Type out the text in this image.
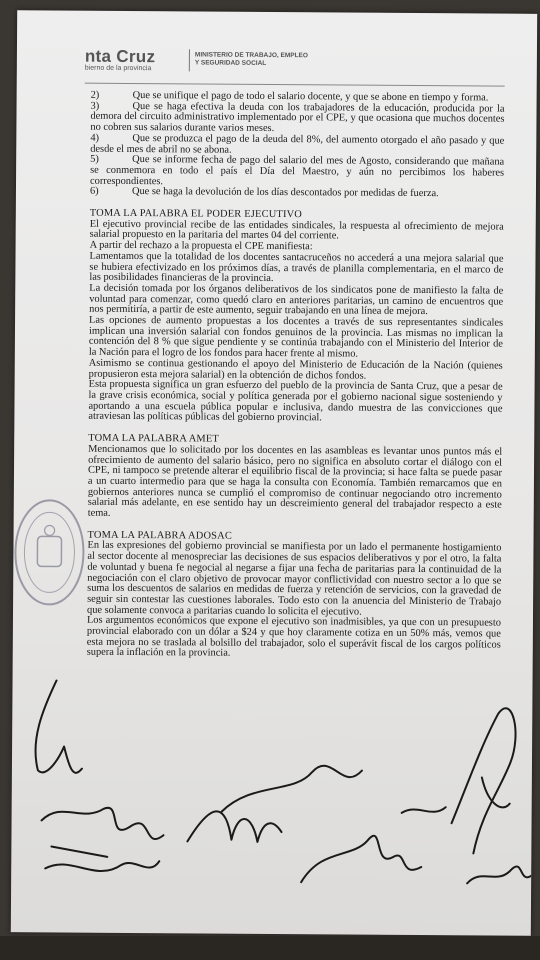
nta Cruz
bierno de la provincia
MINISTERIO DE TRABAJO, EMPLEO
Y SEGURIDAD SOCIAL

2)	Que se unifique el pago de todo el salario docente, y que se abone en tiempo y forma.

3)	Que se haga efectiva la deuda con los trabajadores de la educación, producida por la demora del circuito administrativo implementado por el CPE, y que ocasiona que muchos docentes no cobren sus salarios durante varios meses.

4)	Que se produzca el pago de la deuda del 8%, del aumento otorgado el año pasado y que desde el mes de abril no se abona.

5)	Que se informe fecha de pago del salario del mes de Agosto, considerando que mañana se conmemora en todo el país el Día del Maestro, y aún no percibimos los haberes correspondientes.

6)	Que se haga la devolución de los días descontados por medidas de fuerza.

TOMA LA PALABRA EL PODER EJECUTIVO

El ejecutivo provincial recibe de las entidades sindicales, la respuesta al ofrecimiento de mejora salarial propuesto en la paritaria del martes 04 del corriente.

A partir del rechazo a la propuesta el CPE manifiesta:

Lamentamos que la totalidad de los docentes santacruceños no accederá a una mejora salarial que se hubiera efectivizado en los próximos días, a través de planilla complementaria, en el marco de las posibilidades financieras de la provincia.

La decisión tomada por los órganos deliberativos de los sindicatos pone de manifiesto la falta de voluntad para comenzar, como quedó claro en anteriores paritarias, un camino de encuentros que nos permitiría, a partir de este aumento, seguir trabajando en una línea de mejora.

Las opciones de aumento propuestas a los docentes a través de sus representantes sindicales implican una inversión salarial con fondos genuinos de la provincia. Las mismas no implican la contención del 8 % que sigue pendiente y se continúa trabajando con el Ministerio del Interior de la Nación para el logro de los fondos para hacer frente al mismo.

Asimismo se continua gestionando el apoyo del Ministerio de Educación de la Nación (quienes propusieron esta mejora salarial) en la obtención de dichos fondos.

Esta propuesta significa un gran esfuerzo del pueblo de la provincia de Santa Cruz, que a pesar de la grave crisis económica, social y política generada por el gobierno nacional sigue sosteniendo y aportando a una escuela pública popular e inclusiva, dando muestra de las convicciones que atraviesan las políticas públicas del gobierno provincial.

TOMA LA PALABRA AMET

Mencionamos que lo solicitado por los docentes en las asambleas es levantar unos puntos más el ofrecimiento de aumento del salario básico, pero no significa en absoluto cortar el diálogo con el CPE, ni tampoco se pretende alterar el equilibrio fiscal de la provincia; si hace falta se puede pasar a un cuarto intermedio para que se haga la consulta con Economía. También remarcamos que en gobiernos anteriores nunca se cumplió el compromiso de continuar negociando otro incremento salarial más adelante, en ese sentido hay un descreimiento general del trabajador respecto a este tema.

TOMA LA PALABRA ADOSAC

En las expresiones del gobierno provincial se manifiesta por un lado el permanente hostigamiento al sector docente al menospreciar las decisiones de sus espacios deliberativos y por el otro, la falta de voluntad y buena fe negocial al negarse a fijar una fecha de paritarias para la continuidad de la negociación con el claro objetivo de provocar mayor conflictividad con nuestro sector a lo que se suma los descuentos de salarios en medidas de fuerza y retención de servicios, con la gravedad de seguir sin contestar las cuestiones laborales. Todo esto con la anuencia del Ministerio de Trabajo que solamente convoca a paritarias cuando lo solicita el ejecutivo.

Los argumentos económicos que expone el ejecutivo son inadmisibles, ya que con un presupuesto provincial elaborado con un dólar a $24 y que hoy claramente cotiza en un 50% más, vemos que esta mejora no se traslada al bolsillo del trabajador, solo el superávit fiscal de los cargos políticos supera la inflación en la provincia.
